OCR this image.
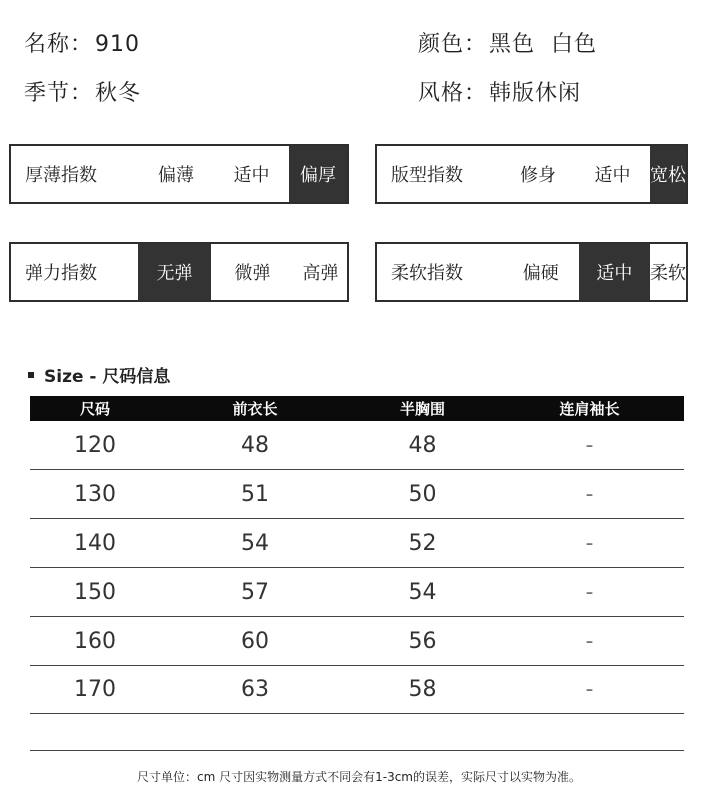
名称：910	颜色：黑色  白色
季节：秋冬	风格：韩版休闲
厚薄指数	偏薄	适中	偏厚	版型指数	修身	适中	宽松
弹力指数	无弹	微弹	高弹	柔软指数	偏硬	适中 柔软
Size - 尺码信息
尺码	前衣长	半胸围	连肩袖长
120	48	48	-
130	51	50	-
140	54	52	-
150	57	54	-
160	60	56	-
170	63	58	-
尺寸单位：cm 尺寸因实物测量方式不同会有1-3cm的误差，实际尺寸以实物为准。
